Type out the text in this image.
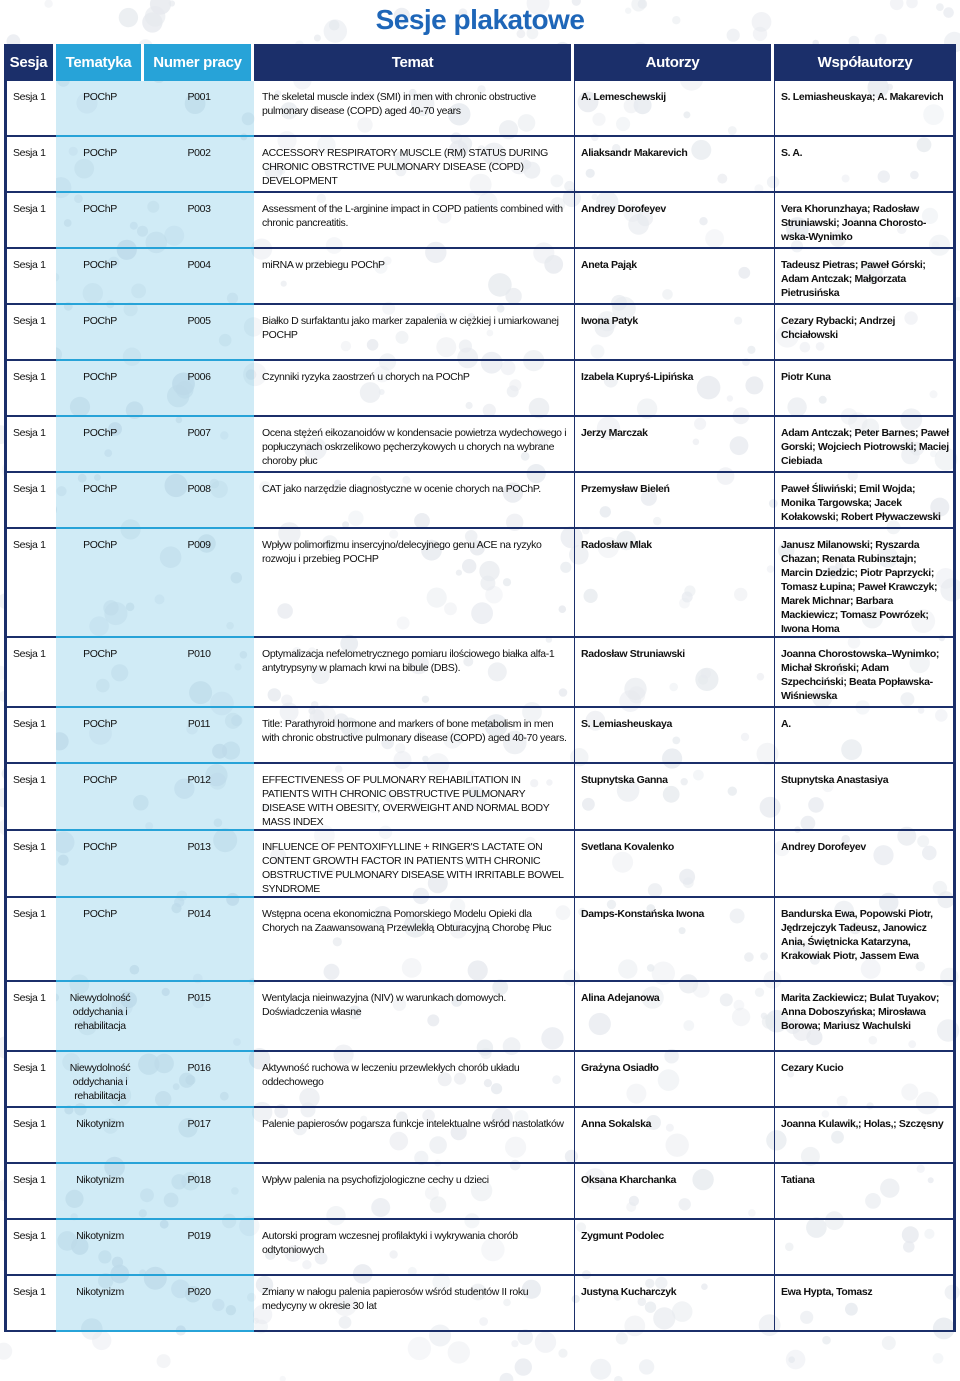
Sesje plakatowe
Sesja	Tematyka	Numer pracy	Temat	Autorzy	Współautorzy
Sesja 1	POChP	P001	The skeletal muscle index (SMI) in men with chronic obstructive pulmonary disease (COPD) aged 40-70 years	A. Lemeschewskij	S. Lemiasheuskaya; A. Makarevich
Sesja 1	POChP	P002	ACCESSORY RESPIRATORY MUSCLE (RM) STATUS DURING CHRONIC OBSTRCTIVE PULMONARY DISEASE (COPD) DEVELOPMENT	Aliaksandr Makarevich	S. A.
Sesja 1	POChP	P003	Assessment of the L-arginine impact in COPD patients combined with chronic pancreatitis.	Andrey Dorofeyev	Vera Khorunzhaya; Radosław Struniawski; Joanna Chorosto-wska-Wynimko
Sesja 1	POChP	P004	miRNA w przebiegu POChP	Aneta Pająk	Tadeusz Pietras; Paweł Górski; Adam Antczak; Małgorzata Pietrusińska
Sesja 1	POChP	P005	Białko D surfaktantu jako marker zapalenia w ciężkiej i umiarkowanej POCHP	Iwona Patyk	Cezary Rybacki; Andrzej Chciałowski
Sesja 1	POChP	P006	Czynniki ryzyka zaostrzeń u chorych na POChP	Izabela Kupryś-Lipińska	Piotr Kuna
Sesja 1	POChP	P007	Ocena stężeń eikozanoidów w kondensacie powietrza wydechowego i popłuczynach oskrzelikowo pęcherzykowych u chorych na wybrane choroby płuc	Jerzy Marczak	Adam Antczak; Peter Barnes; Paweł Gorski; Wojciech Piotrowski; Maciej Ciebiada
Sesja 1	POChP	P008	CAT jako narzędzie diagnostyczne w ocenie chorych na POChP.	Przemysław Bieleń	Paweł Śliwiński; Emil Wojda; Monika Targowska; Jacek Kołakowski; Robert Pływaczewski
Sesja 1	POChP	P009	Wpływ polimorfizmu insercyjno/delecyjnego genu ACE na ryzyko rozwoju i przebieg POCHP	Radosław Mlak	Janusz Milanowski; Ryszarda Chazan; Renata Rubinsztajn; Marcin Dziedzic; Piotr Paprzycki; Tomasz Łupina; Paweł Krawczyk; Marek Michnar; Barbara Mackiewicz; Tomasz Powrózek; Iwona Homa
Sesja 1	POChP	P010	Optymalizacja nefelometrycznego pomiaru ilościowego białka alfa-1 antytrypsyny w plamach krwi na bibule (DBS).	Radosław Struniawski	Joanna Chorostowska–Wynimko; Michał Skroński; Adam Szpechciński; Beata Popławska-Wiśniewska
Sesja 1	POChP	P011	Title: Parathyroid hormone and markers of bone metabolism in men with chronic obstructive pulmonary disease (COPD) aged 40-70 years.	S. Lemiasheuskaya	A.
Sesja 1	POChP	P012	EFFECTIVENESS OF PULMONARY REHABILITATION IN PATIENTS WITH CHRONIC OBSTRUCTIVE PULMONARY DISEASE WITH OBESITY, OVERWEIGHT AND NORMAL BODY MASS INDEX	Stupnytska Ganna	Stupnytska Anastasiya
Sesja 1	POChP	P013	INFLUENCE OF PENTOXIFYLLINE + RINGER'S LACTATE ON CONTENT GROWTH FACTOR IN PATIENTS WITH CHRONIC OBSTRUCTIVE PULMONARY DISEASE WITH IRRITABLE BOWEL SYNDROME	Svetlana Kovalenko	Andrey Dorofeyev
Sesja 1	POChP	P014	Wstępna ocena ekonomiczna Pomorskiego Modelu Opieki dla Chorych na Zaawansowaną Przewlekłą Obturacyjną Chorobę Płuc	Damps-Konstańska Iwona	Bandurska Ewa, Popowski Piotr, Jędrzejczyk Tadeusz, Janowicz Ania, Świętnicka Katarzyna, Krakowiak Piotr, Jassem Ewa
Sesja 1	Niewydolność oddychania i rehabilitacja	P015	Wentylacja nieinwazyjna (NIV) w warunkach domowych. Doświadczenia własne	Alina Adejanowa	Marita Zackiewicz; Bulat Tuyakov; Anna Doboszyńska; Mirosława Borowa; Mariusz Wachulski
Sesja 1	Niewydolność oddychania i rehabilitacja	P016	Aktywność ruchowa w leczeniu przewlekłych chorób układu oddechowego	Grażyna Osiadło	Cezary Kucio
Sesja 1	Nikotynizm	P017	Palenie papierosów pogarsza funkcje intelektualne wśród nastolatków	Anna Sokalska	Joanna Kulawik,; Holas,; Szczęsny
Sesja 1	Nikotynizm	P018	Wpływ palenia na psychofizjologiczne cechy u dzieci	Oksana Kharchanka	Tatiana
Sesja 1	Nikotynizm	P019	Autorski program wczesnej profilaktyki i wykrywania chorób odtytoniowych	Zygmunt Podolec	
Sesja 1	Nikotynizm	P020	Zmiany w nałogu palenia papierosów wśród studentów II roku medycyny w okresie 30 lat	Justyna Kucharczyk	Ewa Hypta, Tomasz
